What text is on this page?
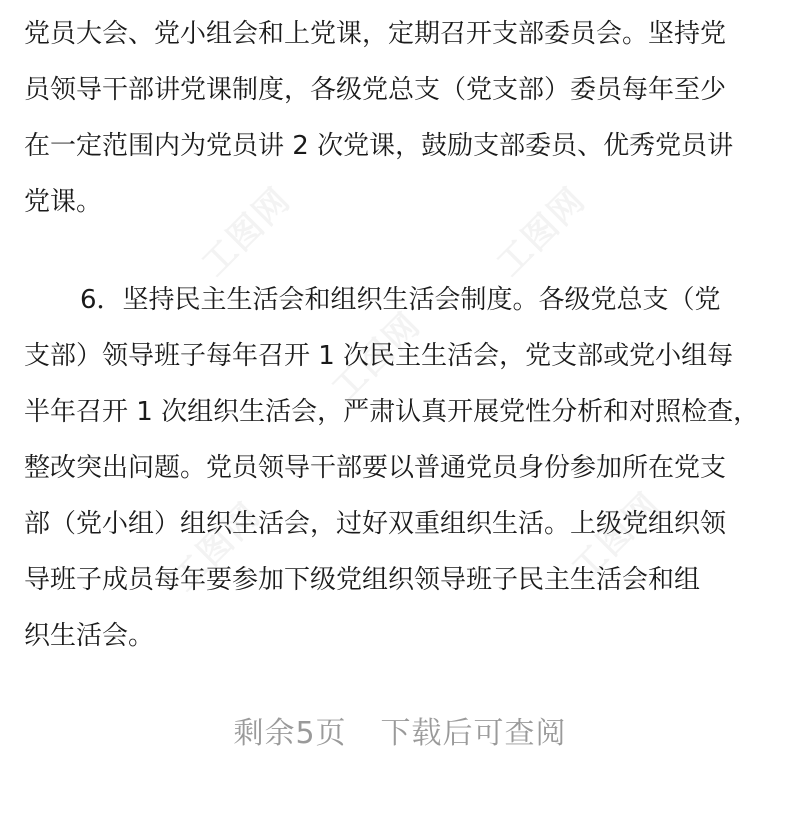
工图网	工图网
工图网
工图网	工图网
党员大会、党小组会和上党课，定期召开支部委员会。坚持党
员领导干部讲党课制度，各级党总支（党支部）委员每年至少
在一定范围内为党员讲 2 次党课，鼓励支部委员、优秀党员讲
党课。
6．坚持民主生活会和组织生活会制度。各级党总支（党
支部）领导班子每年召开 1 次民主生活会，党支部或党小组每
半年召开 1 次组织生活会，严肃认真开展党性分析和对照检查，
整改突出问题。党员领导干部要以普通党员身份参加所在党支
部（党小组）组织生活会，过好双重组织生活。上级党组织领
导班子成员每年要参加下级党组织领导班子民主生活会和组
织生活会。
剩余5页 下载后可查阅
